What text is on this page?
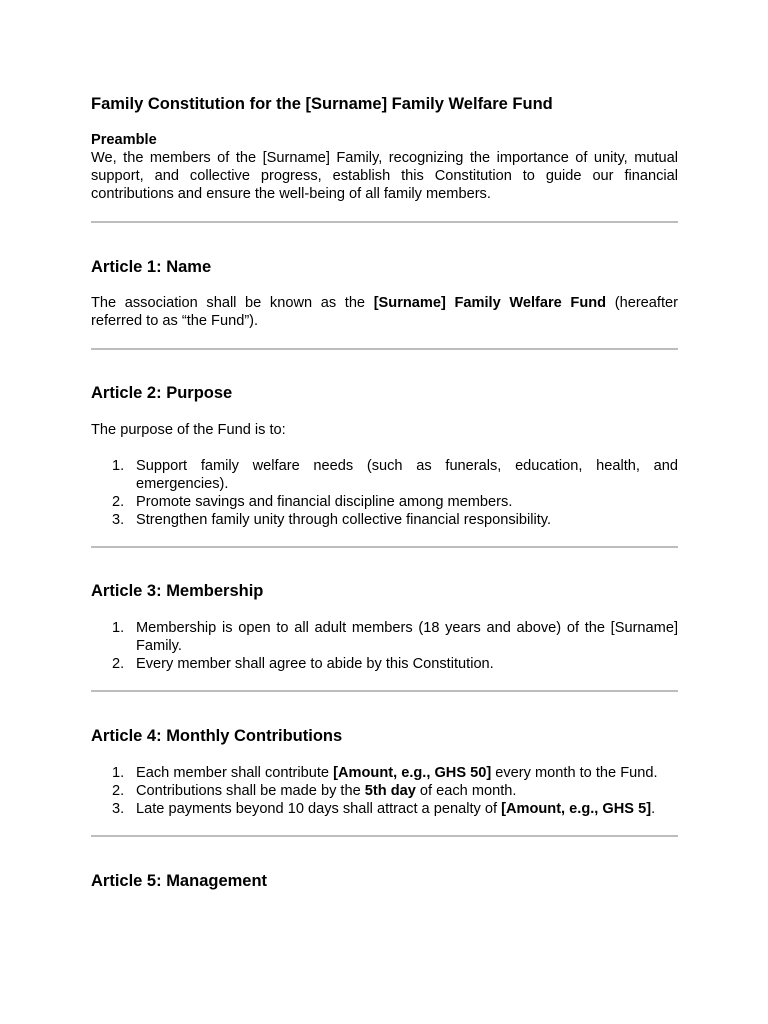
Family Constitution for the [Surname] Family Welfare Fund

Preamble

We, the members of the [Surname] Family, recognizing the importance of unity, mutual support, and collective progress, establish this Constitution to guide our financial contributions and ensure the well-being of all family members.

Article 1: Name

The association shall be known as the [Surname] Family Welfare Fund (hereafter referred to as “the Fund”).

Article 2: Purpose

The purpose of the Fund is to:

1. Support family welfare needs (such as funerals, education, health, and emergencies).
2. Promote savings and financial discipline among members.
3. Strengthen family unity through collective financial responsibility.
Article 3: Membership
1. Membership is open to all adult members (18 years and above) of the [Surname] Family.
2. Every member shall agree to abide by this Constitution.
Article 4: Monthly Contributions
1. Each member shall contribute [Amount, e.g., GHS 50] every month to the Fund.
2. Contributions shall be made by the 5th day of each month.
3. Late payments beyond 10 days shall attract a penalty of [Amount, e.g., GHS 5].
Article 5: Management
